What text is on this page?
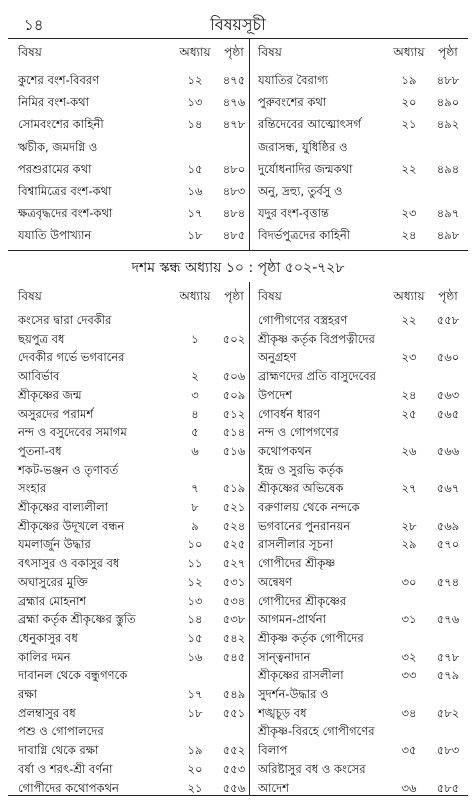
১৪	বিষয়সূচী
বিষয়	অধ্যায়	পৃষ্ঠা	বিষয়	অধ্যায়	পৃষ্ঠা
কুশের বংশ-বিবরণ	১২	৪৭৫	যযাতির বৈরাগ্য	১৯	৪৮৮
নিমির বংশ-কথা	১৩	৪৭৬	পুরুবংশের কথা	২০	৪৯০
সোমবংশের কাহিনী	১৪	৪৭৮	রন্তিদেবের আত্মোৎসর্গ	২১	৪৯২
ঋচীক, জমদগ্নি ও	জরাসন্ধ, যুধিষ্ঠির ও
পরশুরামের কথা	১৫	৪৮০	দুর্যোধনাদির জন্মকথা	২২	৪৯৪
বিশ্বামিত্রের বংশ-কথা	১৬	৪৮৩	অনু, দ্রহ্যু, তুর্বসু ও
ক্ষত্রবৃদ্ধদের বংশ-কথা	১৭	৪৮৪	যদুর বংশ-বৃত্তান্ত	২৩	৪৯৭
যযাতি উপাখ্যান	১৮	৪৮৫	বিদর্ভপুত্রদের কাহিনী	২৪	৪৯৮
দশম স্কন্ধ অধ্যায় ১০ : পৃষ্ঠা ৫০২-৭২৮
বিষয়	অধ্যায়	পৃষ্ঠা	বিষয়	অধ্যায়	পৃষ্ঠা
কংসের দ্বারা দেবকীর	গোপীগণের বস্ত্রহরণ	২২	৫৫৮
ছয়পুত্র বধ	১	৫০২	শ্রীকৃষ্ণ কর্তৃক বিপ্রপত্নীদের
দেবকীর গর্ভে ভগবানের	অনুগ্রহণ	২৩	৫৬০
আবির্ভাব	২	৫০৬	ব্রাহ্মণদের প্রতি বাসুদেবের
শ্রীকৃষ্ণের জন্ম	৩	৫০৯	উপদেশ	২৪	৫৬৩
অসুরদের পরামর্শ	৪	৫১২	গোবর্ধন ধারণ	২৫	৫৬৫
নন্দ ও বসুদেবের সমাগম	৫	৫১৪	নন্দ ও গোপগণের
পুতনা-বধ	৬	৫১৬	কথোপকথন	২৬	৫৬৬
শকট-ভঞ্জন ও তৃণাবর্ত	ইন্দ্র ও সুরভি কর্তৃক
সংহার	৭	৫১৯	শ্রীকৃষ্ণের অভিষেক	২৭	৫৬৭
শ্রীকৃষ্ণের বাল্যলীলা	৮	৫২১	বরুণালয় থেকে নন্দকে
শ্রীকৃষ্ণের উদূখলে বন্ধন	৯	৫২৪	ভগবানের পুনরানয়ন	২৮	৫৬৯
যমলার্জুন উদ্ধার	১০	৫২৫	রাসলীলার সূচনা	২৯	৫৭০
বৎসাসুর ও বকাসুর বধ	১১	৫২৭	গোপীদের শ্রীকৃষ্ণ
অঘাসুরের মুক্তি	১২	৫৩১	অন্বেষণ	৩০	৫৭৪
ব্রহ্মার মোহনাশ	১৩	৫৩৪	গোপীদের শ্রীকৃষ্ণের
ব্রহ্মা কর্তৃক শ্রীকৃষ্ণের স্তুতি	১৪	৫৩৮	আগমন-প্রার্থনা	৩১	৫৭৬
ধেনুকাসুর বধ	১৫	৫৪২	শ্রীকৃষ্ণ কর্তৃক গোপীদের
কালির দমন	১৬	৫৪৫	সান্ত্বনাদান	৩২	৫৭৮
দাবানল থেকে বন্ধুগণকে	শ্রীকৃষ্ণের রাসলীলা	৩৩	৫৭৯
রক্ষা	১৭	৫৪৯	সুদর্শন-উদ্ধার ও
প্রলম্বাসুর বধ	১৮	৫৫১	শঙ্খচূড় বধ	৩৪	৫৮২
পশু ও গোপালদের	শ্রীকৃষ্ণ-বিরহে গোপীগণের
দাবাগ্নি থেকে রক্ষা	১৯	৫৫২	বিলাপ	৩৫	৫৮৩
বর্ষা ও শরৎ-শ্রী বর্ণনা	২০	৫৫৩	অরিষ্টাসুর বধ ও কংসের
গোপীদের কথোপকথন	২১	৫৫৬	আদেশ	৩৬	৫৮৫
